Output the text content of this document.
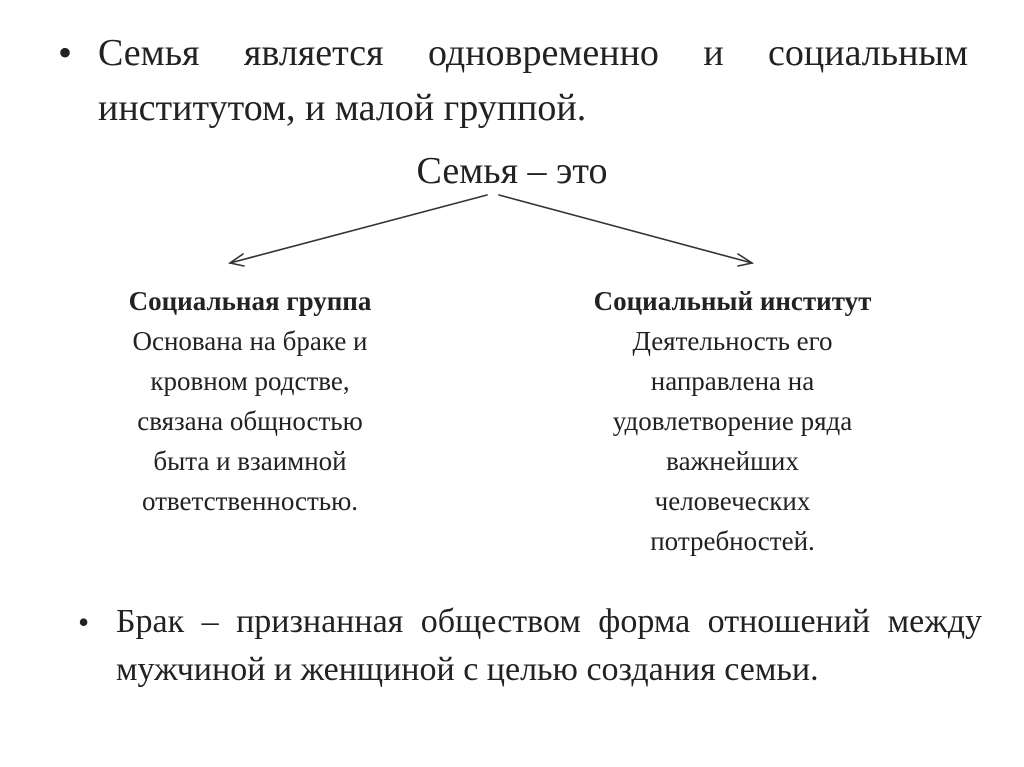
• Семья является одновременно и социальным институтом, и малой группой.
Семья – это
Социальная группа
Основана на браке и
кровном родстве,
связана общностью
быта и взаимной
ответственностью.
Социальный институт
Деятельность его
направлена на
удовлетворение ряда
важнейших
человеческих
потребностей.
• Брак – признанная обществом форма отношений между мужчиной и женщиной с целью создания семьи.
